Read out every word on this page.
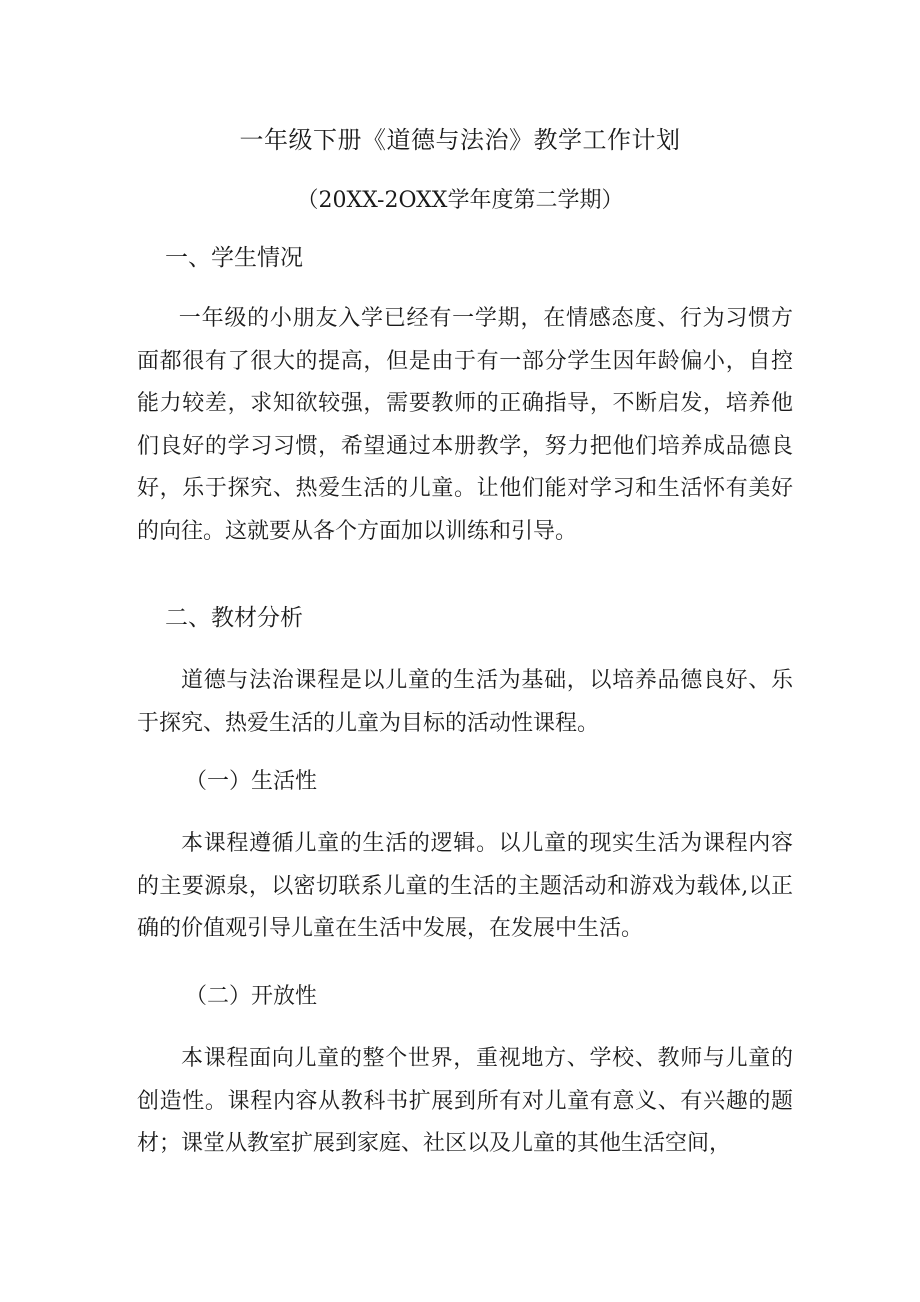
一年级下册《道德与法治》教学工作计划
（20XX-2OXX学年度第二学期）
一、学生情况
一年级的小朋友入学已经有一学期，在情感态度、行为习惯方面都很有了很大的提高，但是由于有一部分学生因年龄偏小，自控能力较差，求知欲较强，需要教师的正确指导，不断启发，培养他们良好的学习习惯，希望通过本册教学，努力把他们培养成品德良好，乐于探究、热爱生活的儿童。让他们能对学习和生活怀有美好的向往。这就要从各个方面加以训练和引导。
二、教材分析
道德与法治课程是以儿童的生活为基础，以培养品德良好、乐于探究、热爱生活的儿童为目标的活动性课程。
（一）生活性
本课程遵循儿童的生活的逻辑。以儿童的现实生活为课程内容的主要源泉，以密切联系儿童的生活的主题活动和游戏为载体,以正确的价值观引导儿童在生活中发展，在发展中生活。
（二）开放性
本课程面向儿童的整个世界，重视地方、学校、教师与儿童的创造性。课程内容从教科书扩展到所有对儿童有意义、有兴趣的题材；课堂从教室扩展到家庭、社区以及儿童的其他生活空间，
